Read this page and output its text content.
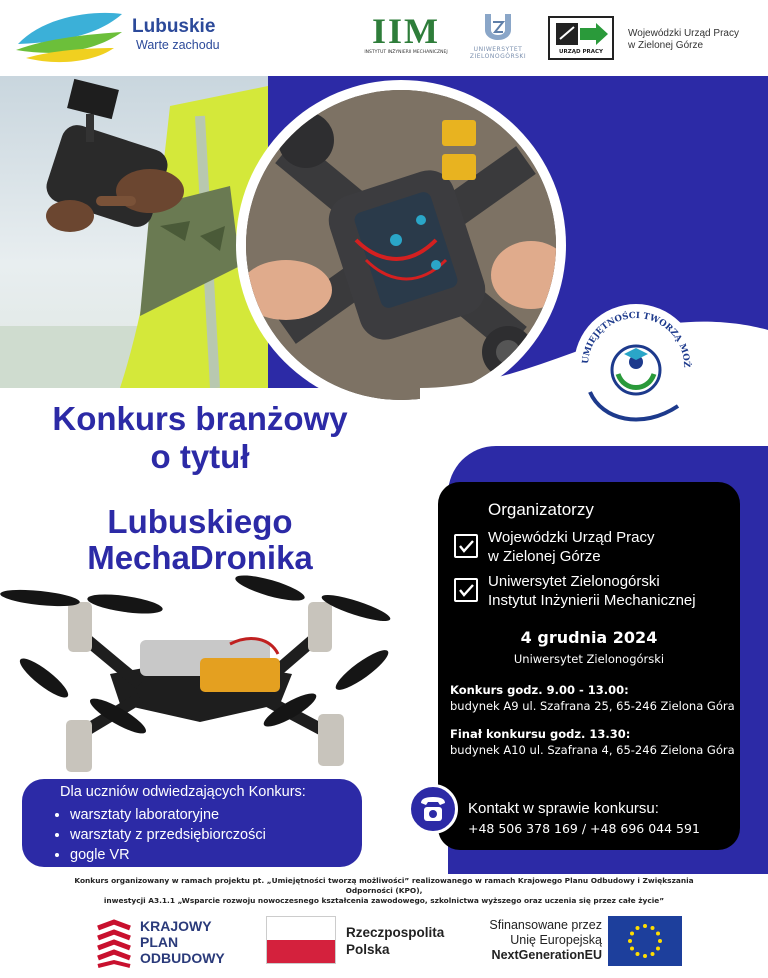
Lubuskie
Warte zachodu	IIM
INSTYTUT INŻYNIERII MECHANICZNEJ	UNIWERSYTET
ZIELONOGÓRSKI
URZĄD PRACY
Wojewódzki Urząd Pracy
w Zielonej Górze
UMIEJĘTNOŚCI TWORZĄ MOŻ
Konkurs branżowy
o tytuł
Lubuskiego
MechaDronika
Organizatorzy
Wojewódzki Urząd Pracy
w Zielonej Górze
Uniwersytet Zielonogórski
Instytut Inżynierii Mechanicznej
4 grudnia 2024
Uniwersytet Zielonogórski
Konkurs godz. 9.00 - 13.00:
budynek A9 ul. Szafrana 25, 65-246 Zielona Góra
Finał konkursu godz. 13.30:
budynek A10 ul. Szafrana 4, 65-246 Zielona Góra
Kontakt w sprawie konkursu:
+48 506 378 169 / +48 696 044 591
Dla uczniów odwiedzających Konkurs:
• warsztaty laboratoryjne
• warsztaty z przedsiębiorczości
• gogle VR
Konkurs organizowany w ramach projektu pt. „Umiejętności tworzą możliwości” realizowanego w ramach Krajowego Planu Odbudowy i Zwiększania Odporności (KPO),
inwestycji A3.1.1 „Wsparcie rozwoju nowoczesnego kształcenia zawodowego, szkolnictwa wyższego oraz uczenia się przez całe życie”
KRAJOWY
PLAN
ODBUDOWY
Rzeczpospolita
Polska
Sfinansowane przez
Unię Europejską
NextGenerationEU
